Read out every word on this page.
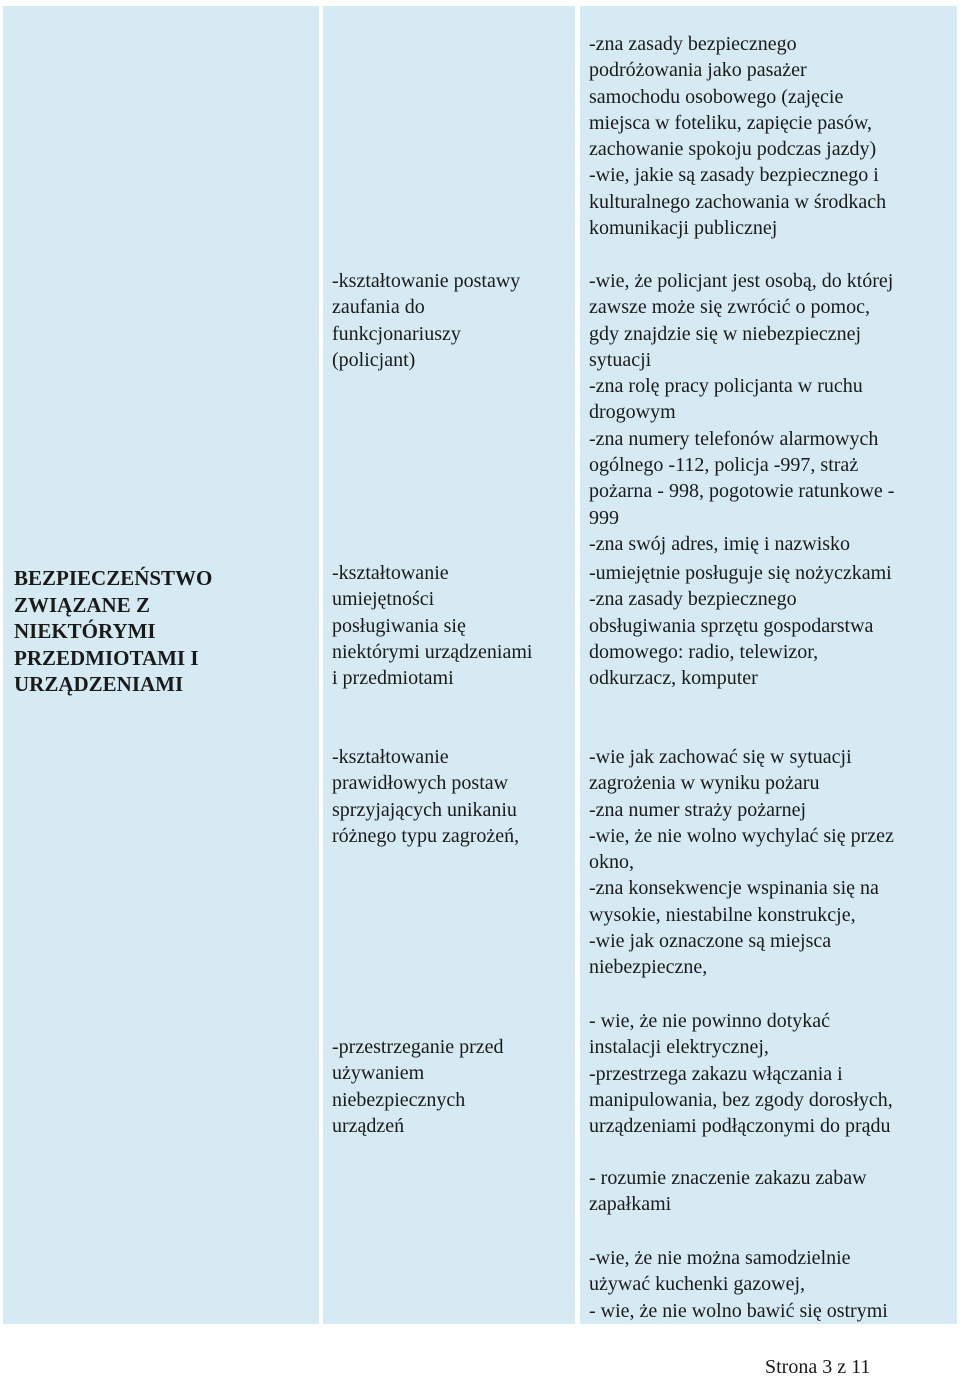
BEZPIECZEŃSTWO
ZWIĄZANE Z
NIEKTÓRYMI
PRZEDMIOTAMI I
URZĄDZENIAMI

-kształtowanie postawy
zaufania do
funkcjonariuszy
(policjant)

-kształtowanie
umiejętności
posługiwania się
niektórymi urządzeniami
i przedmiotami

-kształtowanie
prawidłowych postaw
sprzyjających unikaniu
różnego typu zagrożeń,

-przestrzeganie przed
używaniem
niebezpiecznych
urządzeń

-zna zasady bezpiecznego
podróżowania jako pasażer
samochodu osobowego (zajęcie
miejsca w foteliku, zapięcie pasów,
zachowanie spokoju podczas jazdy)
-wie, jakie są zasady bezpiecznego i
kulturalnego zachowania w środkach
komunikacji publicznej

-wie, że policjant jest osobą, do której
zawsze może się zwrócić o pomoc,
gdy znajdzie się w niebezpiecznej
sytuacji
-zna rolę pracy policjanta w ruchu
drogowym
-zna numery telefonów alarmowych
ogólnego -112, policja -997, straż
pożarna - 998, pogotowie ratunkowe -
999
-zna swój adres, imię i nazwisko

-umiejętnie posługuje się nożyczkami
-zna zasady bezpiecznego
obsługiwania sprzętu gospodarstwa
domowego: radio, telewizor,
odkurzacz, komputer

-wie jak zachować się w sytuacji
zagrożenia w wyniku pożaru
-zna numer straży pożarnej
-wie, że nie wolno wychylać się przez
okno,
-zna konsekwencje wspinania się na
wysokie, niestabilne konstrukcje,
-wie jak oznaczone są miejsca
niebezpieczne,

- wie, że nie powinno dotykać
instalacji elektrycznej,
-przestrzega zakazu włączania i
manipulowania, bez zgody dorosłych,
urządzeniami podłączonymi do prądu

- rozumie znaczenie zakazu zabaw
zapałkami

-wie, że nie można samodzielnie
używać kuchenki gazowej,
- wie, że nie wolno bawić się ostrymi

Strona 3 z 11
